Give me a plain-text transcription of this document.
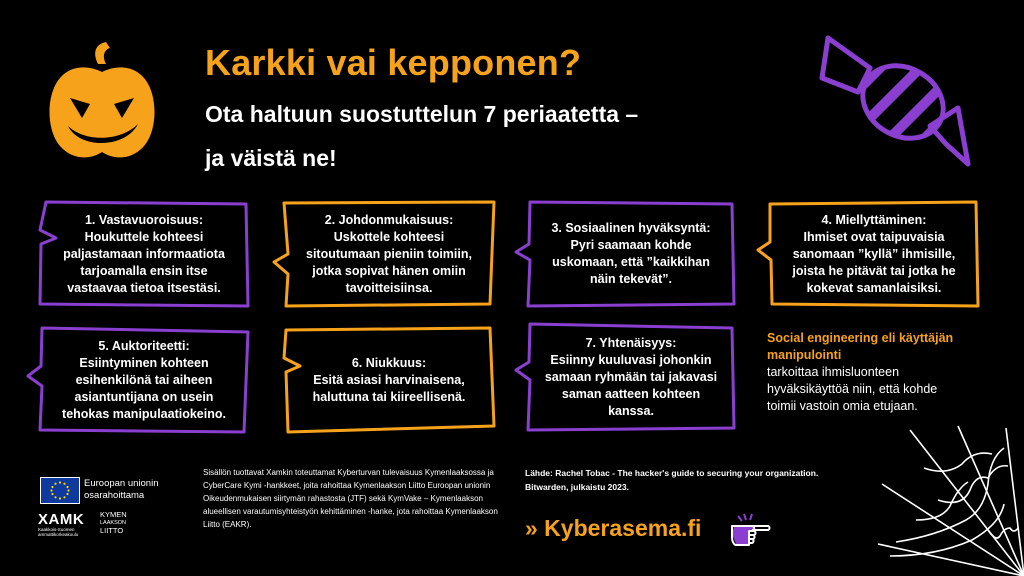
Karkki vai kepponen?
Ota haltuun suostuttelun 7 periaatetta –
ja väistä ne!
1. Vastavuoroisuus:
Houkuttele kohteesi paljastamaan informaatiota tarjoamalla ensin itse vastaavaa tietoa itsestäsi.
2. Johdonmukaisuus:
Uskottele kohteesi sitoutumaan pieniin toimiin, jotka sopivat hänen omiin tavoitteisiinsa.
3. Sosiaalinen hyväksyntä:
Pyri saamaan kohde uskomaan, että ”kaikkihan näin tekevät”.
4. Miellyttäminen:
Ihmiset ovat taipuvaisia sanomaan ”kyllä” ihmisille, joista he pitävät tai jotka he kokevat samanlaisiksi.
5. Auktoriteetti:
Esiintyminen kohteen esihenkilönä tai aiheen asiantuntijana on usein tehokas manipulaatiokeino.
6. Niukkuus:
Esitä asiasi harvinaisena, haluttuna tai kiireellisenä.
7. Yhtenäisyys:
Esiinny kuuluvasi johonkin samaan ryhmään tai jakavasi saman aatteen kohteen kanssa.
Social engineering eli käyttäjän manipulointi
tarkoittaa ihmisluonteen hyväksikäyttöä niin, että kohde toimii vastoin omia etujaan.
Euroopan unionin
osarahoittama
XAMK
Kaakkois-Suomen ammattikorkeakoulu
KYMEN
LAAKSON
LIITTO
Sisällön tuottavat Xamkin toteuttamat Kyberturvan tulevaisuus Kymenlaaksossa ja CyberCare Kymi -hankkeet, joita rahoittaa Kymenlaakson Liitto Euroopan unionin Oikeudenmukaisen siirtymän rahastosta (JTF) sekä KymVake – Kymenlaakson alueellisen varautumisyhteistyön kehittäminen -hanke, jota rahoittaa Kymenlaakson Liitto (EAKR).
Lähde: Rachel Tobac - The hacker's guide to securing your organization. Bitwarden, julkaistu 2023.
» Kyberasema.fi
